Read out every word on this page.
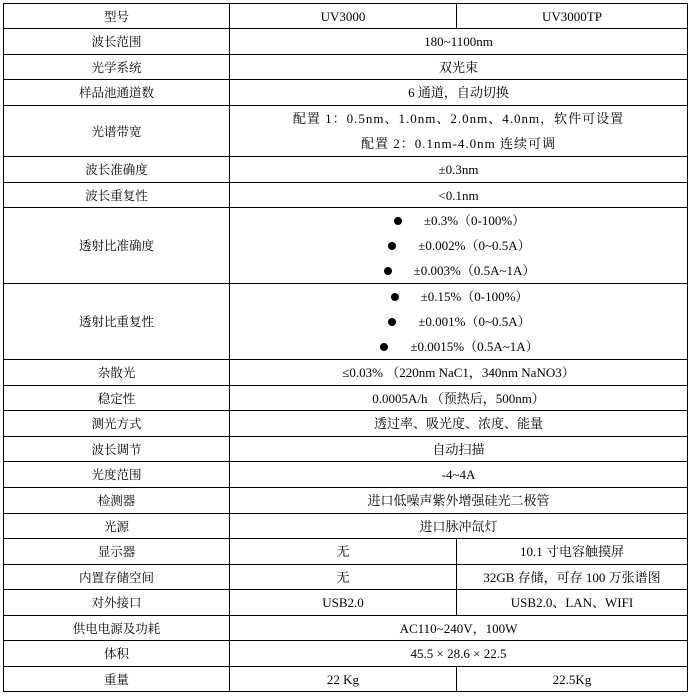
型号	UV3000	UV3000TP
波长范围	180~1100nm	
光学系统	双光束	
样品池通道数	6 通道，自动切换	
光谱带宽	配置 1：0.5nm、1.0nm、2.0nm、4.0nm，软件可设置
配置 2：0.1nm-4.0nm 连续可调	

波长准确度	±0.3nm	
波长重复性	<0.1nm	
透射比准确度	±0.3%（0-100%）
±0.002%（0~0.5A）
±0.003%（0.5A~1A）	

透射比重复性	±0.15%（0-100%）
±0.001%（0~0.5A）
±0.0015%（0.5A~1A）	

杂散光	≤0.03% （220nm NaC1，340nm NaNO3）	
稳定性	0.0005A/h （预热后，500nm）	
测光方式	透过率、吸光度、浓度、能量	
波长调节	自动扫描	
光度范围	-4~4A	
检测器	进口低噪声紫外增强硅光二极管	
光源	进口脉冲氙灯	
显示器	无	10.1 寸电容触摸屏
内置存储空间	无	32GB 存储，可存 100 万张谱图
对外接口	USB2.0	USB2.0、LAN、WIFI
供电电源及功耗	AC110~240V，100W	
体积	45.5 × 28.6 × 22.5	
重量	22 Kg	22.5Kg
